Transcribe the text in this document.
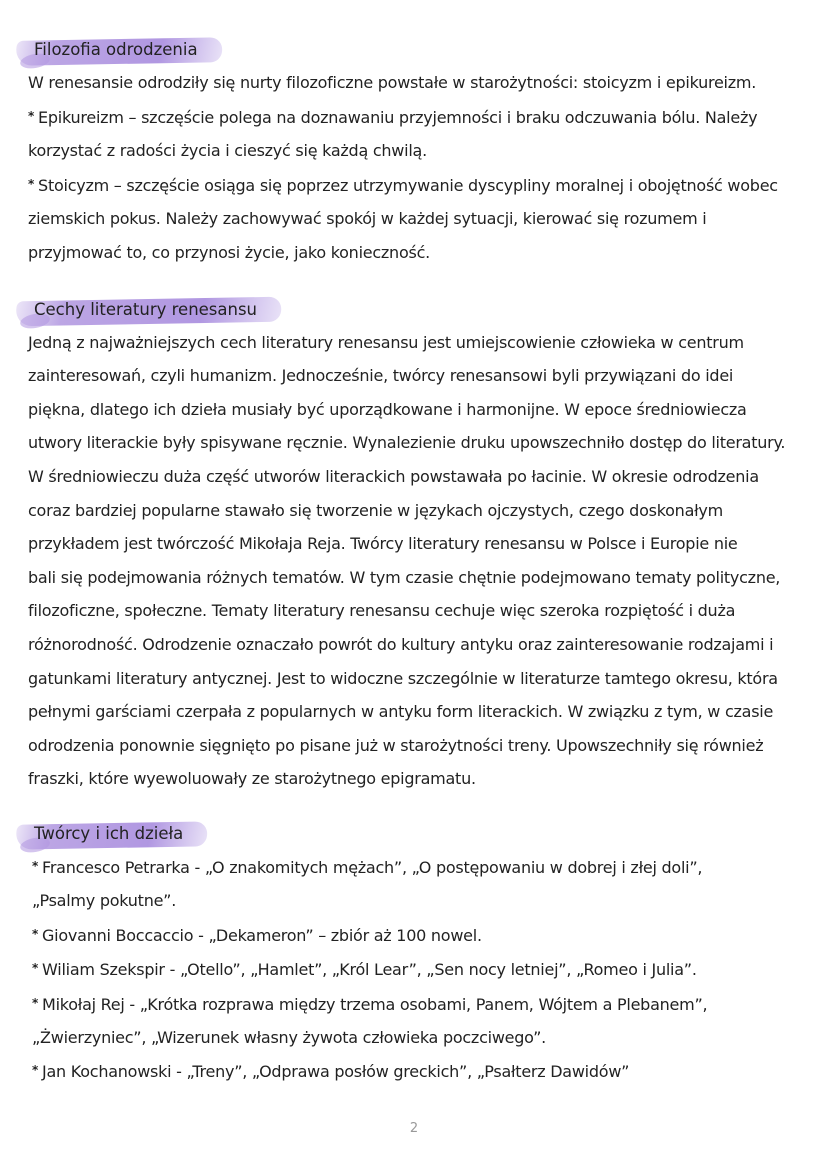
Filozofia odrodzenia

W renesansie odrodziły się nurty filozoficzne powstałe w starożytności: stoicyzm i epikureizm.

* Epikureizm – szczęście polega na doznawaniu przyjemności i braku odczuwania bólu. Należy

korzystać z radości życia i cieszyć się każdą chwilą.

* Stoicyzm – szczęście osiąga się poprzez utrzymywanie dyscypliny moralnej i obojętność wobec

ziemskich pokus. Należy zachowywać spokój w każdej sytuacji, kierować się rozumem i

przyjmować to, co przynosi życie, jako konieczność.

Cechy literatury renesansu

Jedną z najważniejszych cech literatury renesansu jest umiejscowienie człowieka w centrum

zainteresowań, czyli humanizm. Jednocześnie, twórcy renesansowi byli przywiązani do idei

piękna, dlatego ich dzieła musiały być uporządkowane i harmonijne. W epoce średniowiecza

utwory literackie były spisywane ręcznie. Wynalezienie druku upowszechniło dostęp do literatury.

W średniowieczu duża część utworów literackich powstawała po łacinie. W okresie odrodzenia

coraz bardziej popularne stawało się tworzenie w językach ojczystych, czego doskonałym

przykładem jest twórczość Mikołaja Reja. Twórcy literatury renesansu w Polsce i Europie nie

bali się podejmowania różnych tematów. W tym czasie chętnie podejmowano tematy polityczne,

filozoficzne, społeczne. Tematy literatury renesansu cechuje więc szeroka rozpiętość i duża

różnorodność. Odrodzenie oznaczało powrót do kultury antyku oraz zainteresowanie rodzajami i

gatunkami literatury antycznej. Jest to widoczne szczególnie w literaturze tamtego okresu, która

pełnymi garściami czerpała z popularnych w antyku form literackich. W związku z tym, w czasie

odrodzenia ponownie sięgnięto po pisane już w starożytności treny. Upowszechniły się również

fraszki, które wyewoluowały ze starożytnego epigramatu.

Twórcy i ich dzieła

* Francesco Petrarka - „O znakomitych mężach”, „O postępowaniu w dobrej i złej doli”,

„Psalmy pokutne”.

* Giovanni Boccaccio - „Dekameron” – zbiór aż 100 nowel.

* Wiliam Szekspir - „Otello”, „Hamlet”, „Król Lear”, „Sen nocy letniej”, „Romeo i Julia”.

* Mikołaj Rej - „Krótka rozprawa między trzema osobami, Panem, Wójtem a Plebanem”,

„Żwierzyniec”, „Wizerunek własny żywota człowieka poczciwego”.

* Jan Kochanowski - „Treny”, „Odprawa posłów greckich”, „Psałterz Dawidów”

2
